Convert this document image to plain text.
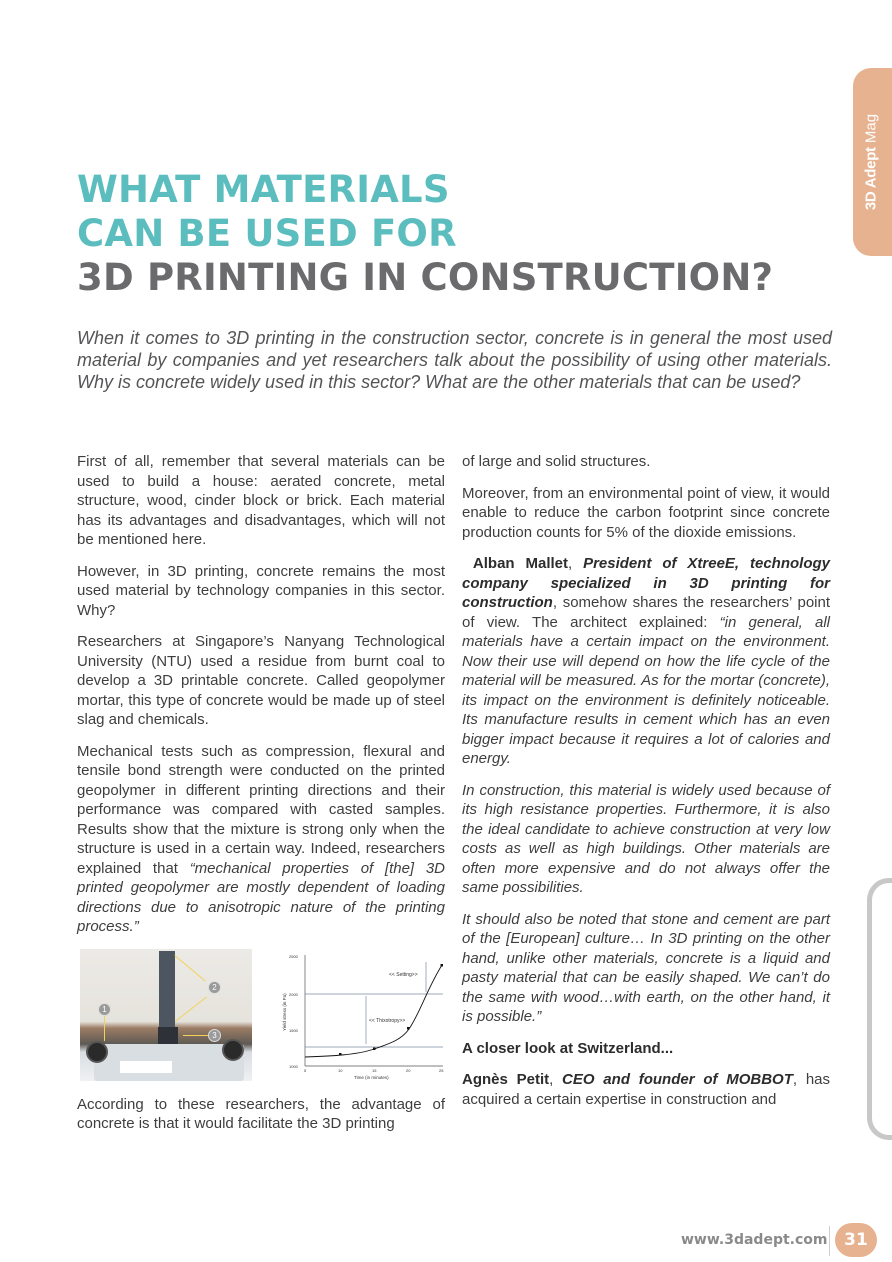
3D Adept Mag
WHAT MATERIALS
CAN BE USED FOR
3D PRINTING IN CONSTRUCTION?

When it comes to 3D printing in the construction sector, concrete is in general the most used material by companies and yet researchers talk about the possibility of using other materials. Why is concrete widely used in this sector? What are the other materials that can be used?

First of all, remember that several materials can be used to build a house: aerated concrete, metal structure, wood, cinder block or brick. Each material has its advantages and disadvantages, which will not be mentioned here.

However, in 3D printing, concrete remains the most used material by technology companies in this sector. Why?

Researchers at Singapore’s Nanyang Technological University (NTU) used a residue from burnt coal to develop a 3D printable concrete. Called geopolymer mortar, this type of concrete would be made up of steel slag and chemicals.

Mechanical tests such as compression, flexural and tensile bond strength were conducted on the printed geopolymer in different printing directions and their performance was compared with casted samples. Results show that the mixture is strong only when the structure is used in a certain way. Indeed, researchers explained that “mechanical properties of [the] 3D printed geopolymer are mostly dependent of loading directions due to anisotropic nature of the printing process.”

1
2
3
<< Setting>>
<< Thixotropy>>
2500
2000
1500
1000
5	10	15	20	25
Time (in minutes)
Yield stress (in Pa)

According to these researchers, the advantage of concrete is that it would facilitate the 3D printing

of large and solid structures.

Moreover, from an environmental point of view, it would enable to reduce the carbon footprint since concrete production counts for 5% of the dioxide emissions.

Alban Mallet, President of XtreeE, technology company specialized in 3D printing for construction, somehow shares the researchers’ point of view. The architect explained: “in general, all materials have a certain impact on the environment. Now their use will depend on how the life cycle of the material will be measured. As for the mortar (concrete), its impact on the environment is definitely noticeable. Its manufacture results in cement which has an even bigger impact because it requires a lot of calories and energy.

In construction, this material is widely used because of its high resistance properties. Furthermore, it is also the ideal candidate to achieve construction at very low costs as well as high buildings. Other materials are often more expensive and do not always offer the same possibilities.

It should also be noted that stone and cement are part of the [European] culture… In 3D printing on the other hand, unlike other materials, concrete is a liquid and pasty material that can be easily shaped. We can’t do the same with wood…with earth, on the other hand, it is possible.”

A closer look at Switzerland...

Agnès Petit, CEO and founder of MOBBOT, has acquired a certain expertise in construction and

www.3dadept.com 31
